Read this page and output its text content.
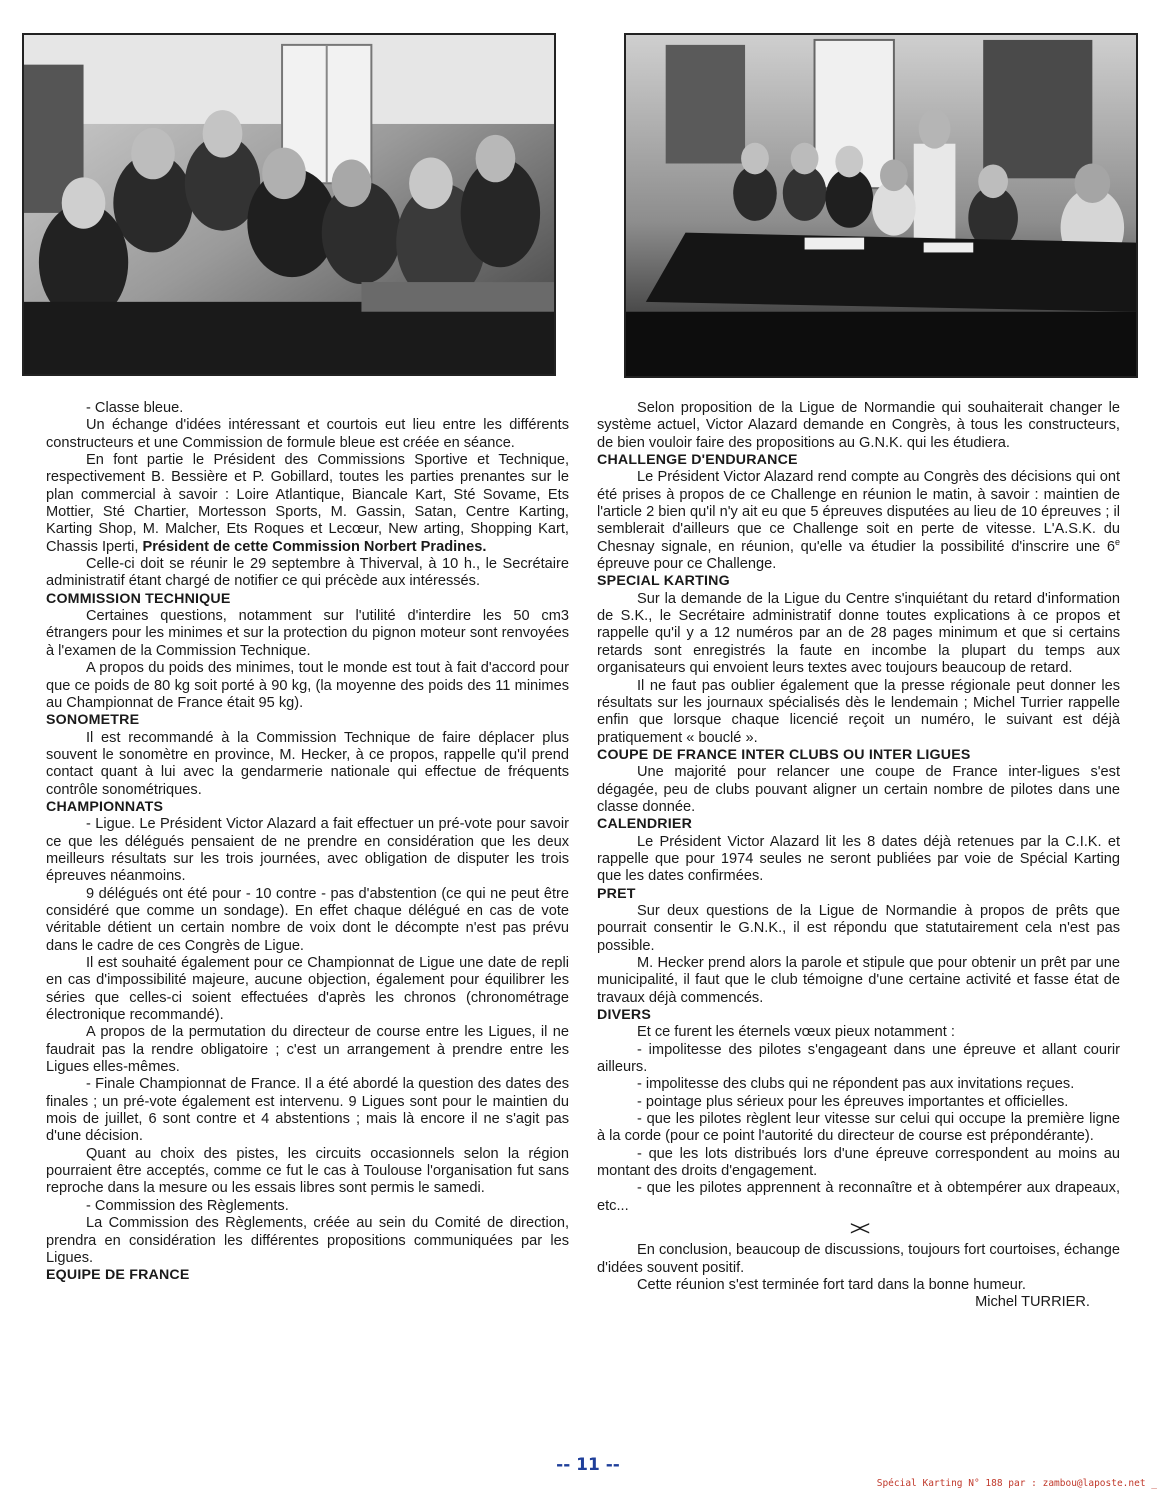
- Classe bleue.

Un échange d'idées intéressant et courtois eut lieu entre les différents constructeurs et une Commission de formule bleue est créée en séance.

En font partie le Président des Commissions Sportive et Technique, respectivement B. Bessière et P. Gobillard, toutes les parties prenantes sur le plan commercial à savoir : Loire Atlantique, Biancale Kart, Sté Sovame, Ets Mottier, Sté Chartier, Mortesson Sports, M. Gassin, Satan, Centre Karting, Karting Shop, M. Malcher, Ets Roques et Lecœur, New arting, Shopping Kart, Chassis Iperti, Président de cette Commission Norbert Pradines.

Celle-ci doit se réunir le 29 septembre à Thiverval, à 10 h., le Secrétaire administratif étant chargé de notifier ce qui précède aux intéressés.

COMMISSION TECHNIQUE

Certaines questions, notamment sur l'utilité d'interdire les 50 cm3 étrangers pour les minimes et sur la protection du pignon moteur sont renvoyées à l'examen de la Commission Technique.

A propos du poids des minimes, tout le monde est tout à fait d'accord pour que ce poids de 80 kg soit porté à 90 kg, (la moyenne des poids des 11 minimes au Championnat de France était 95 kg).

SONOMETRE

Il est recommandé à la Commission Technique de faire déplacer plus souvent le sonomètre en province, M. Hecker, à ce propos, rappelle qu'il prend contact quant à lui avec la gendarmerie nationale qui effectue de fréquents contrôle sonométriques.

CHAMPIONNATS

- Ligue. Le Président Victor Alazard a fait effectuer un pré-vote pour savoir ce que les délégués pensaient de ne prendre en considération que les deux meilleurs résultats sur les trois journées, avec obligation de disputer les trois épreuves néanmoins.

9 délégués ont été pour - 10 contre - pas d'abstention (ce qui ne peut être considéré que comme un sondage). En effet chaque délégué en cas de vote véritable détient un certain nombre de voix dont le décompte n'est pas prévu dans le cadre de ces Congrès de Ligue.

Il est souhaité également pour ce Championnat de Ligue une date de repli en cas d'impossibilité majeure, aucune objection, également pour équilibrer les séries que celles-ci soient effectuées d'après les chronos (chronométrage électronique recommandé).

A propos de la permutation du directeur de course entre les Ligues, il ne faudrait pas la rendre obligatoire ; c'est un arrangement à prendre entre les Ligues elles-mêmes.

- Finale Championnat de France. Il a été abordé la question des dates des finales ; un pré-vote également est intervenu. 9 Ligues sont pour le maintien du mois de juillet, 6 sont contre et 4 abstentions ; mais là encore il ne s'agit pas d'une décision.

Quant au choix des pistes, les circuits occasionnels selon la région pourraient être acceptés, comme ce fut le cas à Toulouse l'organisation fut sans reproche dans la mesure ou les essais libres sont permis le samedi.

- Commission des Règlements.

La Commission des Règlements, créée au sein du Comité de direction, prendra en considération les différentes propositions communiquées par les Ligues.

EQUIPE DE FRANCE

Selon proposition de la Ligue de Normandie qui souhaiterait changer le système actuel, Victor Alazard demande en Congrès, à tous les constructeurs, de bien vouloir faire des propositions au G.N.K. qui les étudiera.

CHALLENGE D'ENDURANCE

Le Président Victor Alazard rend compte au Congrès des décisions qui ont été prises à propos de ce Challenge en réunion le matin, à savoir : maintien de l'article 2 bien qu'il n'y ait eu que 5 épreuves disputées au lieu de 10 épreuves ; il semblerait d'ailleurs que ce Challenge soit en perte de vitesse. L'A.S.K. du Chesnay signale, en réunion, qu'elle va étudier la possibilité d'inscrire une 6e épreuve pour ce Challenge.

SPECIAL KARTING

Sur la demande de la Ligue du Centre s'inquiétant du retard d'information de S.K., le Secrétaire administratif donne toutes explications à ce propos et rappelle qu'il y a 12 numéros par an de 28 pages minimum et que si certains retards sont enregistrés la faute en incombe la plupart du temps aux organisateurs qui envoient leurs textes avec toujours beaucoup de retard.

Il ne faut pas oublier également que la presse régionale peut donner les résultats sur les journaux spécialisés dès le lendemain ; Michel Turrier rappelle enfin que lorsque chaque licencié reçoit un numéro, le suivant est déjà pratiquement « bouclé ».

COUPE DE FRANCE INTER CLUBS OU INTER LIGUES

Une majorité pour relancer une coupe de France inter-ligues s'est dégagée, peu de clubs pouvant aligner un certain nombre de pilotes dans une classe donnée.

CALENDRIER

Le Président Victor Alazard lit les 8 dates déjà retenues par la C.I.K. et rappelle que pour 1974 seules ne seront publiées par voie de Spécial Karting que les dates confirmées.

PRET

Sur deux questions de la Ligue de Normandie à propos de prêts que pourrait consentir le G.N.K., il est répondu que statutairement cela n'est pas possible.

M. Hecker prend alors la parole et stipule que pour obtenir un prêt par une municipalité, il faut que le club témoigne d'une certaine activité et fasse état de travaux déjà commencés.

DIVERS

Et ce furent les éternels vœux pieux notamment :

- impolitesse des pilotes s'engageant dans une épreuve et allant courir ailleurs.

- impolitesse des clubs qui ne répondent pas aux invitations reçues.

- pointage plus sérieux pour les épreuves importantes et officielles.

- que les pilotes règlent leur vitesse sur celui qui occupe la première ligne à la corde (pour ce point l'autorité du directeur de course est prépondérante).

- que les lots distribués lors d'une épreuve correspondent au moins au montant des droits d'engagement.

- que les pilotes apprennent à reconnaître et à obtempérer aux drapeaux, etc...

><

En conclusion, beaucoup de discussions, toujours fort courtoises, échange d'idées souvent positif.

Cette réunion s'est terminée fort tard dans la bonne humeur.

Michel TURRIER.
-- 11 --
Spécial Karting N° 188 par : zambou@laposte.net _
